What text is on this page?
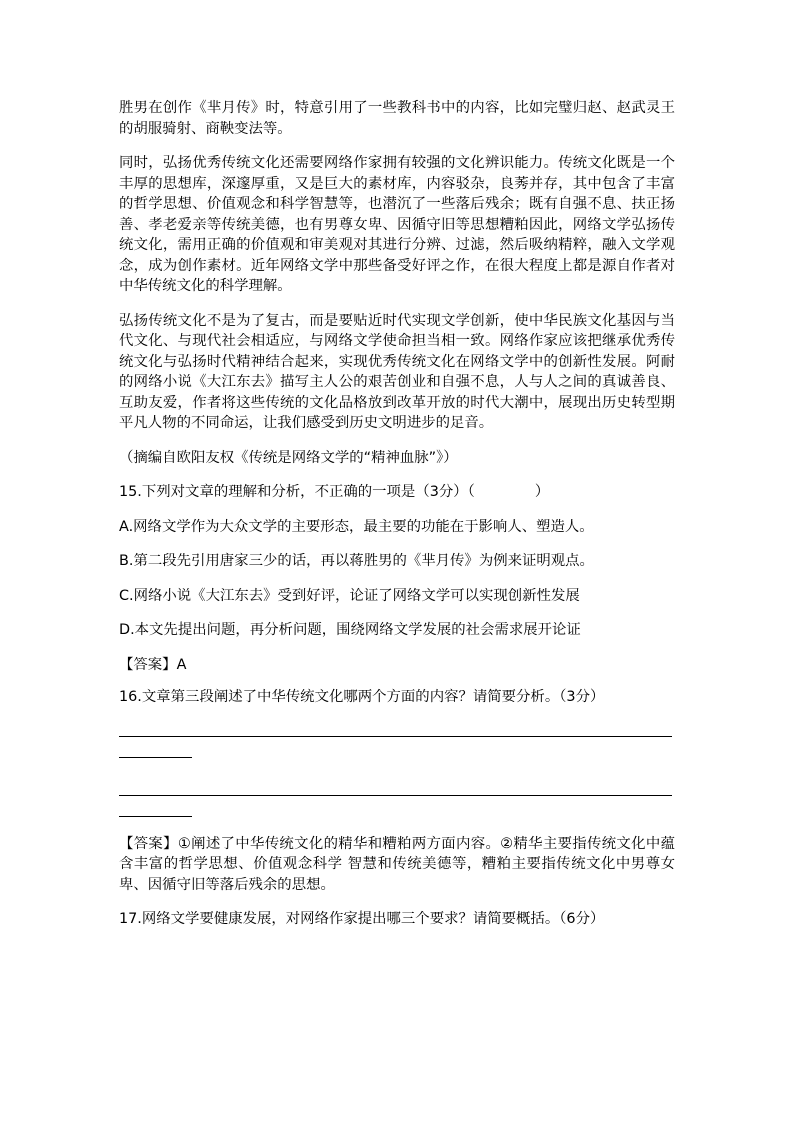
胜男在创作《芈月传》时，特意引用了一些教科书中的内容，比如完璧归赵、赵武灵王的胡服骑射、商鞅变法等。

同时，弘扬优秀传统文化还需要网络作家拥有较强的文化辨识能力。传统文化既是一个丰厚的思想库，深邃厚重，又是巨大的素材库，内容驳杂，良莠并存，其中包含了丰富的哲学思想、价值观念和科学智慧等，也潜沉了一些落后残余；既有自强不息、扶正扬善、孝老爱亲等传统美德，也有男尊女卑、因循守旧等思想糟粕因此，网络文学弘扬传统文化，需用正确的价值观和审美观对其进行分辨、过滤，然后吸纳精粹，融入文学观念，成为创作素材。近年网络文学中那些备受好评之作，在很大程度上都是源自作者对中华传统文化的科学理解。

弘扬传统文化不是为了复古，而是要贴近时代实现文学创新，使中华民族文化基因与当代文化、与现代社会相适应，与网络文学使命担当相一致。网络作家应该把继承优秀传统文化与弘扬时代精神结合起来，实现优秀传统文化在网络文学中的创新性发展。阿耐的网络小说《大江东去》描写主人公的艰苦创业和自强不息，人与人之间的真诚善良、互助友爱，作者将这些传统的文化品格放到改革开放的时代大潮中，展现出历史转型期平凡人物的不同命运，让我们感受到历史文明进步的足音。

（摘编自欧阳友权《传统是网络文学的“精神血脉”》）

15.下列对文章的理解和分析，不正确的一项是（3分）（	）

A.网络文学作为大众文学的主要形态，最主要的功能在于影响人、塑造人。

B.第二段先引用唐家三少的话，再以蒋胜男的《芈月传》为例来证明观点。

C.网络小说《大江东去》受到好评，论证了网络文学可以实现创新性发展

D.本文先提出问题，再分析问题，围绕网络文学发展的社会需求展开论证

【答案】A

16.文章第三段阐述了中华传统文化哪两个方面的内容？请简要分析。（3分）

【答案】①阐述了中华传统文化的精华和糟粕两方面内容。②精华主要指传统文化中蕴含丰富的哲学思想、价值观念科学 智慧和传统美德等，糟粕主要指传统文化中男尊女卑、因循守旧等落后残余的思想。

17.网络文学要健康发展，对网络作家提出哪三个要求？请简要概括。（6分）
